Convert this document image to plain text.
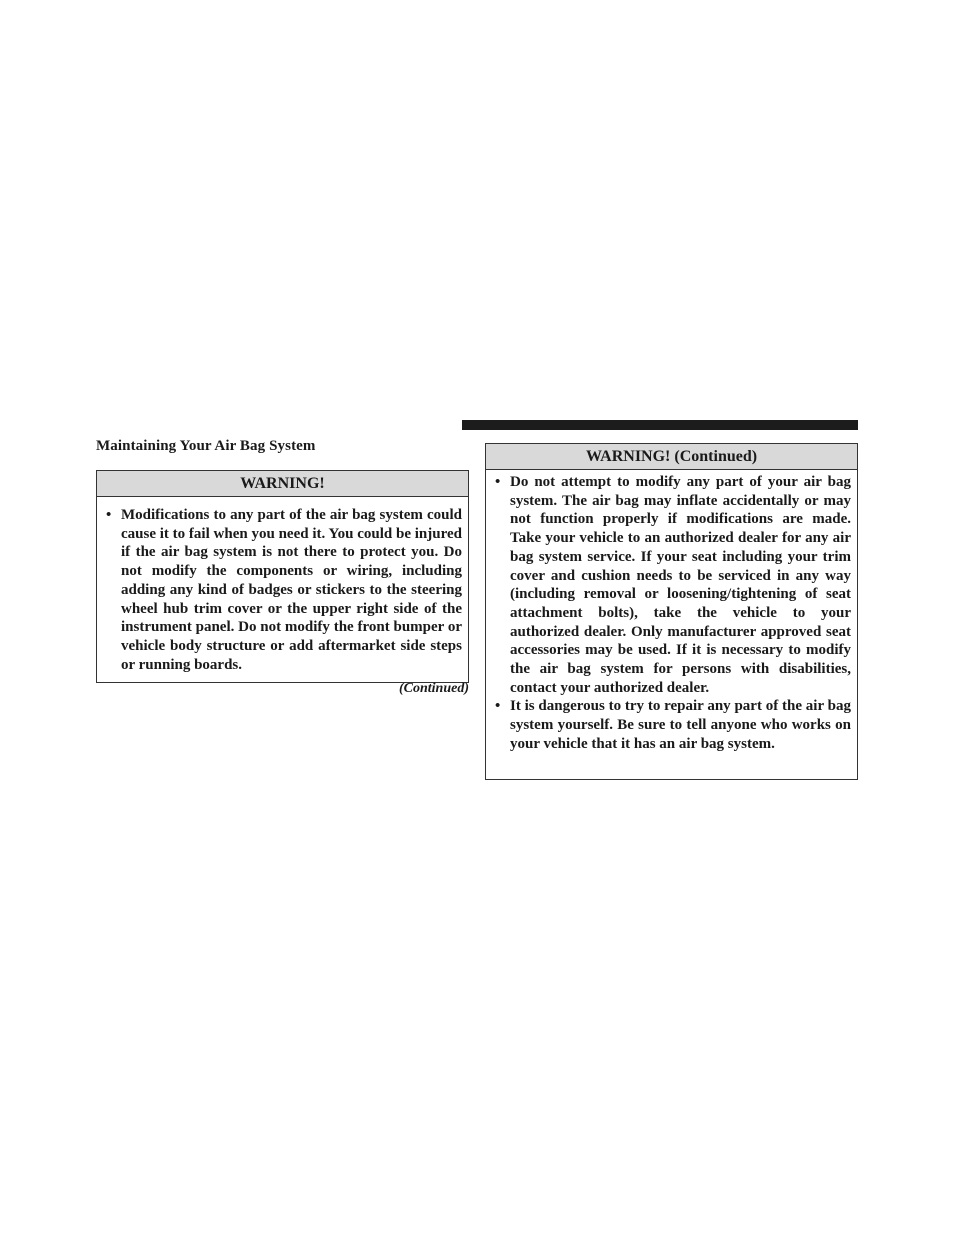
Maintaining Your Air Bag System
WARNING!
• Modifications to any part of the air bag system could cause it to fail when you need it. You could be injured if the air bag system is not there to protect you. Do not modify the components or wiring, including adding any kind of badges or stickers to the steering wheel hub trim cover or the upper right side of the instrument panel. Do not modify the front bumper or vehicle body structure or add aftermarket side steps or running boards.
(Continued)
WARNING! (Continued)
• Do not attempt to modify any part of your air bag system. The air bag may inflate accidentally or may not function properly if modifications are made. Take your vehicle to an authorized dealer for any air bag system service. If your seat including your trim cover and cushion needs to be serviced in any way (including removal or loosening/tightening of seat attachment bolts), take the vehicle to your authorized dealer. Only manufacturer approved seat accessories may be used. If it is necessary to modify the air bag system for persons with disabilities, contact your authorized dealer.
• It is dangerous to try to repair any part of the air bag system yourself. Be sure to tell anyone who works on your vehicle that it has an air bag system.
